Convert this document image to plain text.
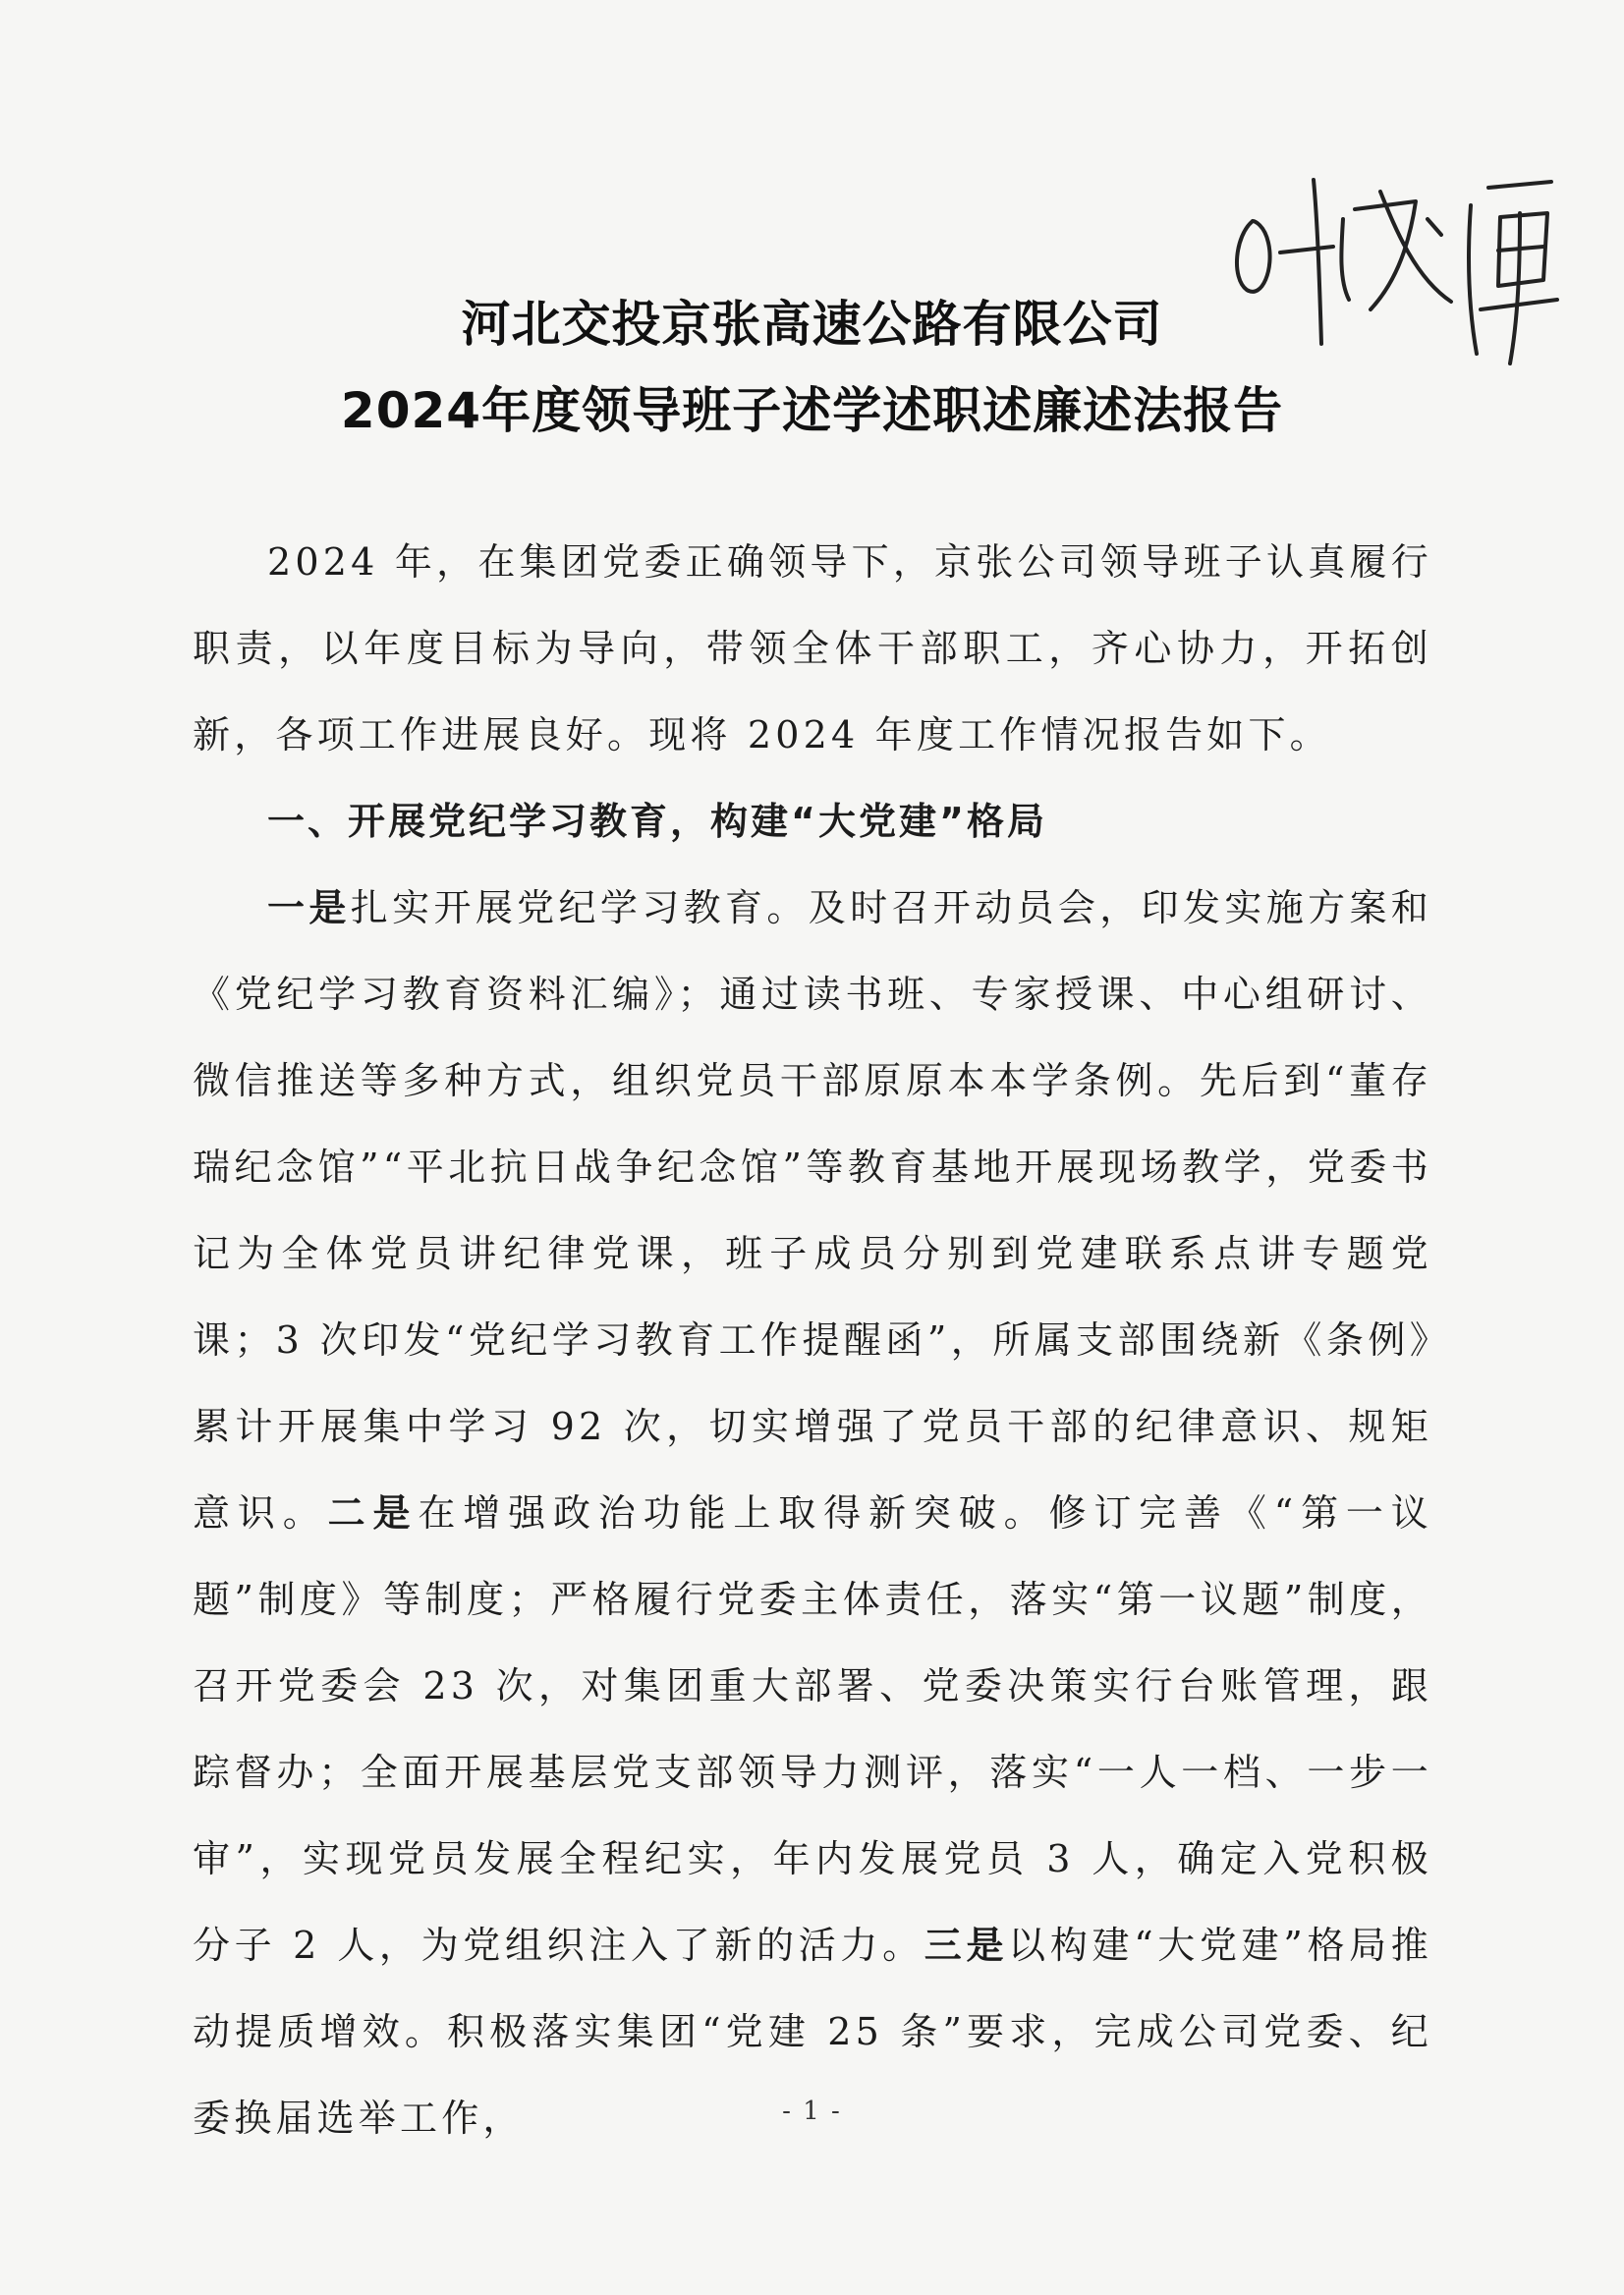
河北交投京张高速公路有限公司
2024年度领导班子述学述职述廉述法报告

2024 年，在集团党委正确领导下，京张公司领导班子认真履行职责，以年度目标为导向，带领全体干部职工，齐心协力，开拓创新，各项工作进展良好。现将 2024 年度工作情况报告如下。

一、开展党纪学习教育，构建“大党建”格局

一是扎实开展党纪学习教育。及时召开动员会，印发实施方案和《党纪学习教育资料汇编》；通过读书班、专家授课、中心组研讨、微信推送等多种方式，组织党员干部原原本本学条例。先后到“董存瑞纪念馆”“平北抗日战争纪念馆”等教育基地开展现场教学，党委书记为全体党员讲纪律党课，班子成员分别到党建联系点讲专题党课；3 次印发“党纪学习教育工作提醒函”，所属支部围绕新《条例》累计开展集中学习 92 次，切实增强了党员干部的纪律意识、规矩意识。二是在增强政治功能上取得新突破。修订完善《“第一议题”制度》等制度；严格履行党委主体责任，落实“第一议题”制度，召开党委会 23 次，对集团重大部署、党委决策实行台账管理，跟踪督办；全面开展基层党支部领导力测评，落实“一人一档、一步一审”，实现党员发展全程纪实，年内发展党员 3 人，确定入党积极分子 2 人，为党组织注入了新的活力。三是以构建“大党建”格局推动提质增效。积极落实集团“党建 25 条”要求，完成公司党委、纪委换届选举工作，	- 1 -
